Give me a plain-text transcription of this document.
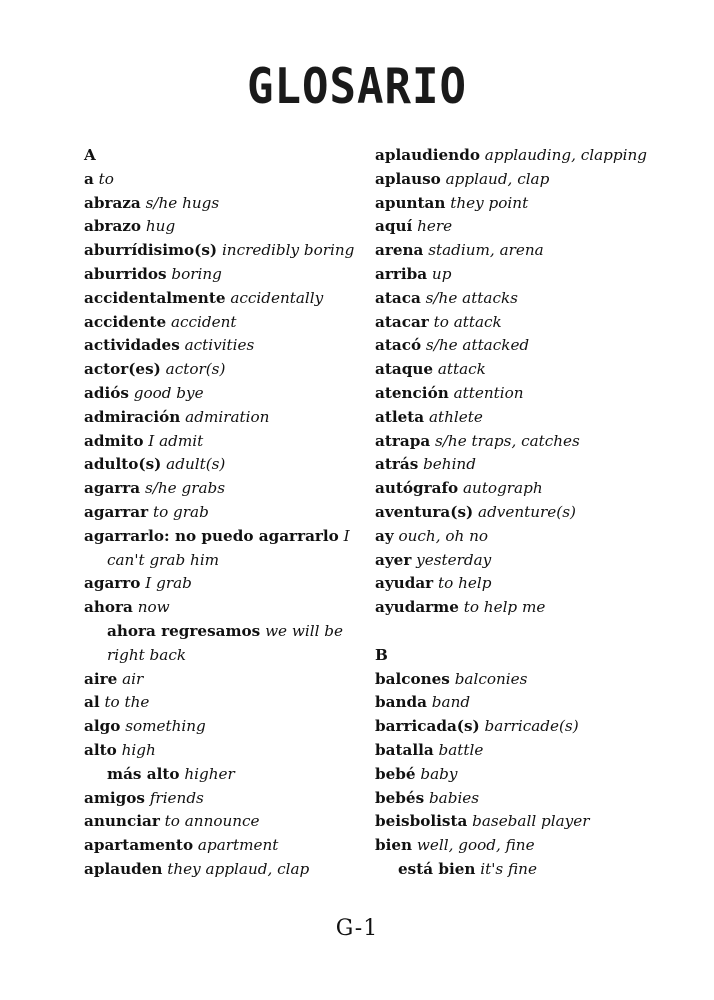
GLOSARIO
A
a to
abraza s/he hugs
abrazo hug
aburrídisimo(s) incredibly boring
aburridos boring
accidentalmente accidentally
accidente accident
actividades activities
actor(es) actor(s)
adiós good bye
admiración admiration
admito I admit
adulto(s) adult(s)
agarra s/he grabs
agarrar to grab
agarrarlo: no puedo agarrarlo I
can't grab him
agarro I grab
ahora now
ahora regresamos we will be
right back
aire air
al to the
algo something
alto high
más alto higher
amigos friends
anunciar to announce
apartamento apartment
aplauden they applaud, clap
aplaudiendo applauding, clapping
aplauso applaud, clap
apuntan they point
aquí here
arena stadium, arena
arriba up
ataca s/he attacks
atacar to attack
atacó s/he attacked
ataque attack
atención attention
atleta athlete
atrapa s/he traps, catches
atrás behind
autógrafo autograph
aventura(s) adventure(s)
ay ouch, oh no
ayer yesterday
ayudar to help
ayudarme to help me
B
balcones balconies
banda band
barricada(s) barricade(s)
batalla battle
bebé baby
bebés babies
beisbolista baseball player
bien well, good, fine
está bien it's fine
G-1
